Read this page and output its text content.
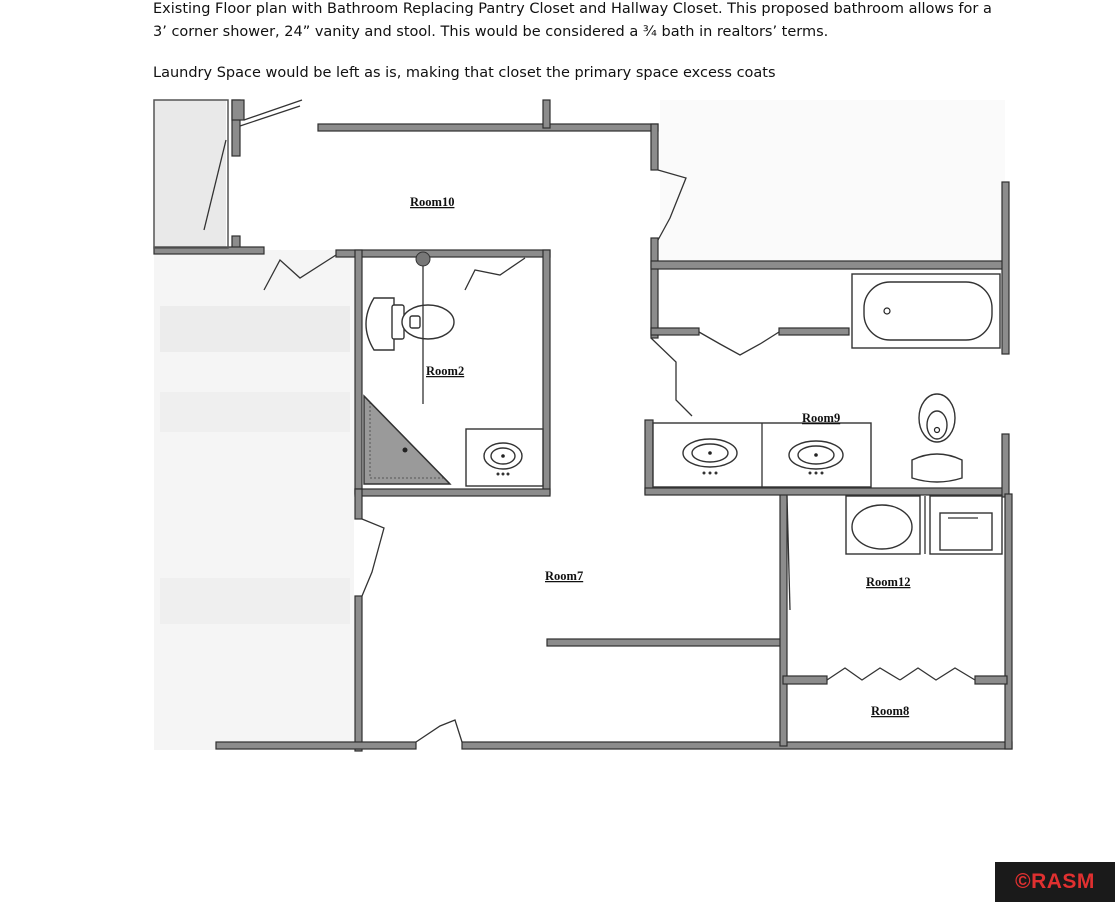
Existing Floor plan with Bathroom Replacing Pantry Closet and Hallway Closet. This proposed bathroom allows for a 3’ corner shower, 24” vanity and stool. This would be considered a ¾ bath in realtors’ terms.

Laundry Space would be left as is, making that closet the primary space excess coats

Room10
Room2
Room9
Room7	Room12
Room8
©RASM
